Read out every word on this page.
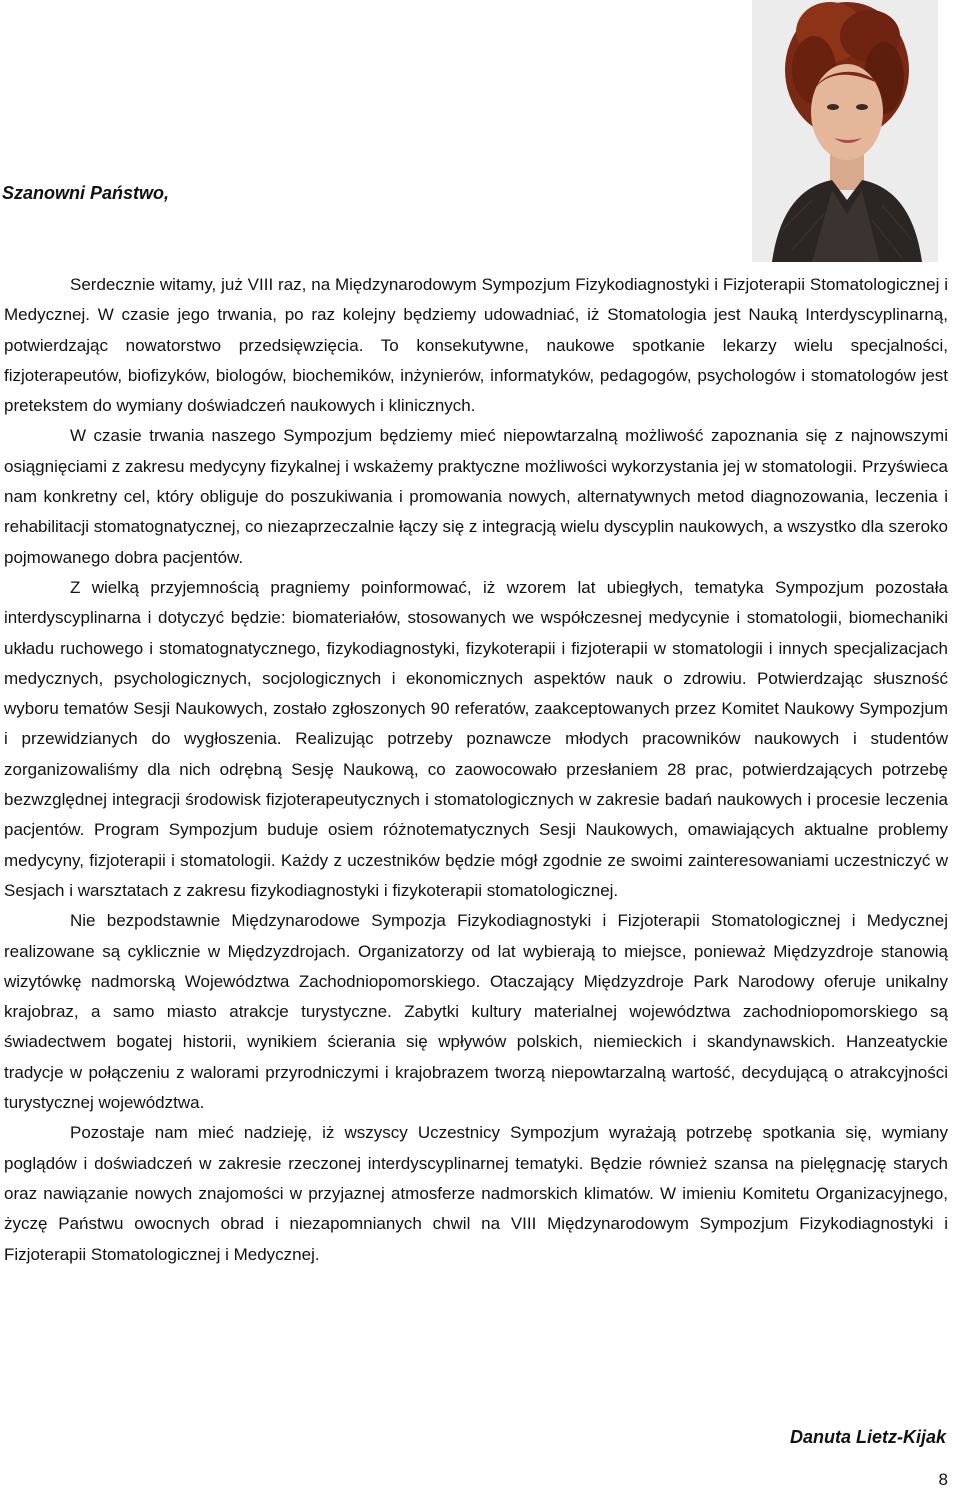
Szanowni Państwo,

Serdecznie witamy, już VIII raz, na Międzynarodowym Sympozjum Fizykodiagnostyki i Fizjoterapii Stomatologicznej i Medycznej. W czasie jego trwania, po raz kolejny będziemy udowadniać, iż Stomatologia jest Nauką Interdyscyplinarną, potwierdzając nowatorstwo przedsięwzięcia. To konsekutywne, naukowe spotkanie lekarzy wielu specjalności, fizjoterapeutów, biofizyków, biologów, biochemików, inżynierów, informatyków, pedagogów, psychologów i stomatologów jest pretekstem do wymiany doświadczeń naukowych i klinicznych.

W czasie trwania naszego Sympozjum będziemy mieć niepowtarzalną możliwość zapoznania się z najnowszymi osiągnięciami z zakresu medycyny fizykalnej i wskażemy praktyczne możliwości wykorzystania jej w stomatologii. Przyświeca nam konkretny cel, który obliguje do poszukiwania i promowania nowych, alternatywnych metod diagnozowania, leczenia i rehabilitacji stomatognatycznej, co niezaprzeczalnie łączy się z integracją wielu dyscyplin naukowych, a wszystko dla szeroko pojmowanego dobra pacjentów.

Z wielką przyjemnością pragniemy poinformować, iż wzorem lat ubiegłych, tematyka Sympozjum pozostała interdyscyplinarna i dotyczyć będzie: biomateriałów, stosowanych we współczesnej medycynie i stomatologii, biomechaniki układu ruchowego i stomatognatycznego, fizykodiagnostyki, fizykoterapii i fizjoterapii w stomatologii i innych specjalizacjach medycznych, psychologicznych, socjologicznych i ekonomicznych aspektów nauk o zdrowiu. Potwierdzając słuszność wyboru tematów Sesji Naukowych, zostało zgłoszonych 90 referatów, zaakceptowanych przez Komitet Naukowy Sympozjum i przewidzianych do wygłoszenia. Realizując potrzeby poznawcze młodych pracowników naukowych i studentów zorganizowaliśmy dla nich odrębną Sesję Naukową, co zaowocowało przesłaniem 28 prac, potwierdzających potrzebę bezwzględnej integracji środowisk fizjoterapeutycznych i stomatologicznych w zakresie badań naukowych i procesie leczenia pacjentów. Program Sympozjum buduje osiem różnotematycznych Sesji Naukowych, omawiających aktualne problemy medycyny, fizjoterapii i stomatologii. Każdy z uczestników będzie mógł zgodnie ze swoimi zainteresowaniami uczestniczyć w Sesjach i warsztatach z zakresu fizykodiagnostyki i fizykoterapii stomatologicznej.

Nie bezpodstawnie Międzynarodowe Sympozja Fizykodiagnostyki i Fizjoterapii Stomatologicznej i Medycznej realizowane są cyklicznie w Międzyzdrojach. Organizatorzy od lat wybierają to miejsce, ponieważ Międzyzdroje stanowią wizytówkę nadmorską Województwa Zachodniopomorskiego. Otaczający Międzyzdroje Park Narodowy oferuje unikalny krajobraz, a samo miasto atrakcje turystyczne. Zabytki kultury materialnej województwa zachodniopomorskiego są świadectwem bogatej historii, wynikiem ścierania się wpływów polskich, niemieckich i skandynawskich. Hanzeatyckie tradycje w połączeniu z walorami przyrodniczymi i krajobrazem tworzą niepowtarzalną wartość, decydującą o atrakcyjności turystycznej województwa.

Pozostaje nam mieć nadzieję, iż wszyscy Uczestnicy Sympozjum wyrażają potrzebę spotkania się, wymiany poglądów i doświadczeń w zakresie rzeczonej interdyscyplinarnej tematyki. Będzie również szansa na pielęgnację starych oraz nawiązanie nowych znajomości w przyjaznej atmosferze nadmorskich klimatów. W imieniu Komitetu Organizacyjnego, życzę Państwu owocnych obrad i niezapomnianych chwil na VIII Międzynarodowym Sympozjum Fizykodiagnostyki i Fizjoterapii Stomatologicznej i Medycznej.

Danuta Lietz-Kijak

8
